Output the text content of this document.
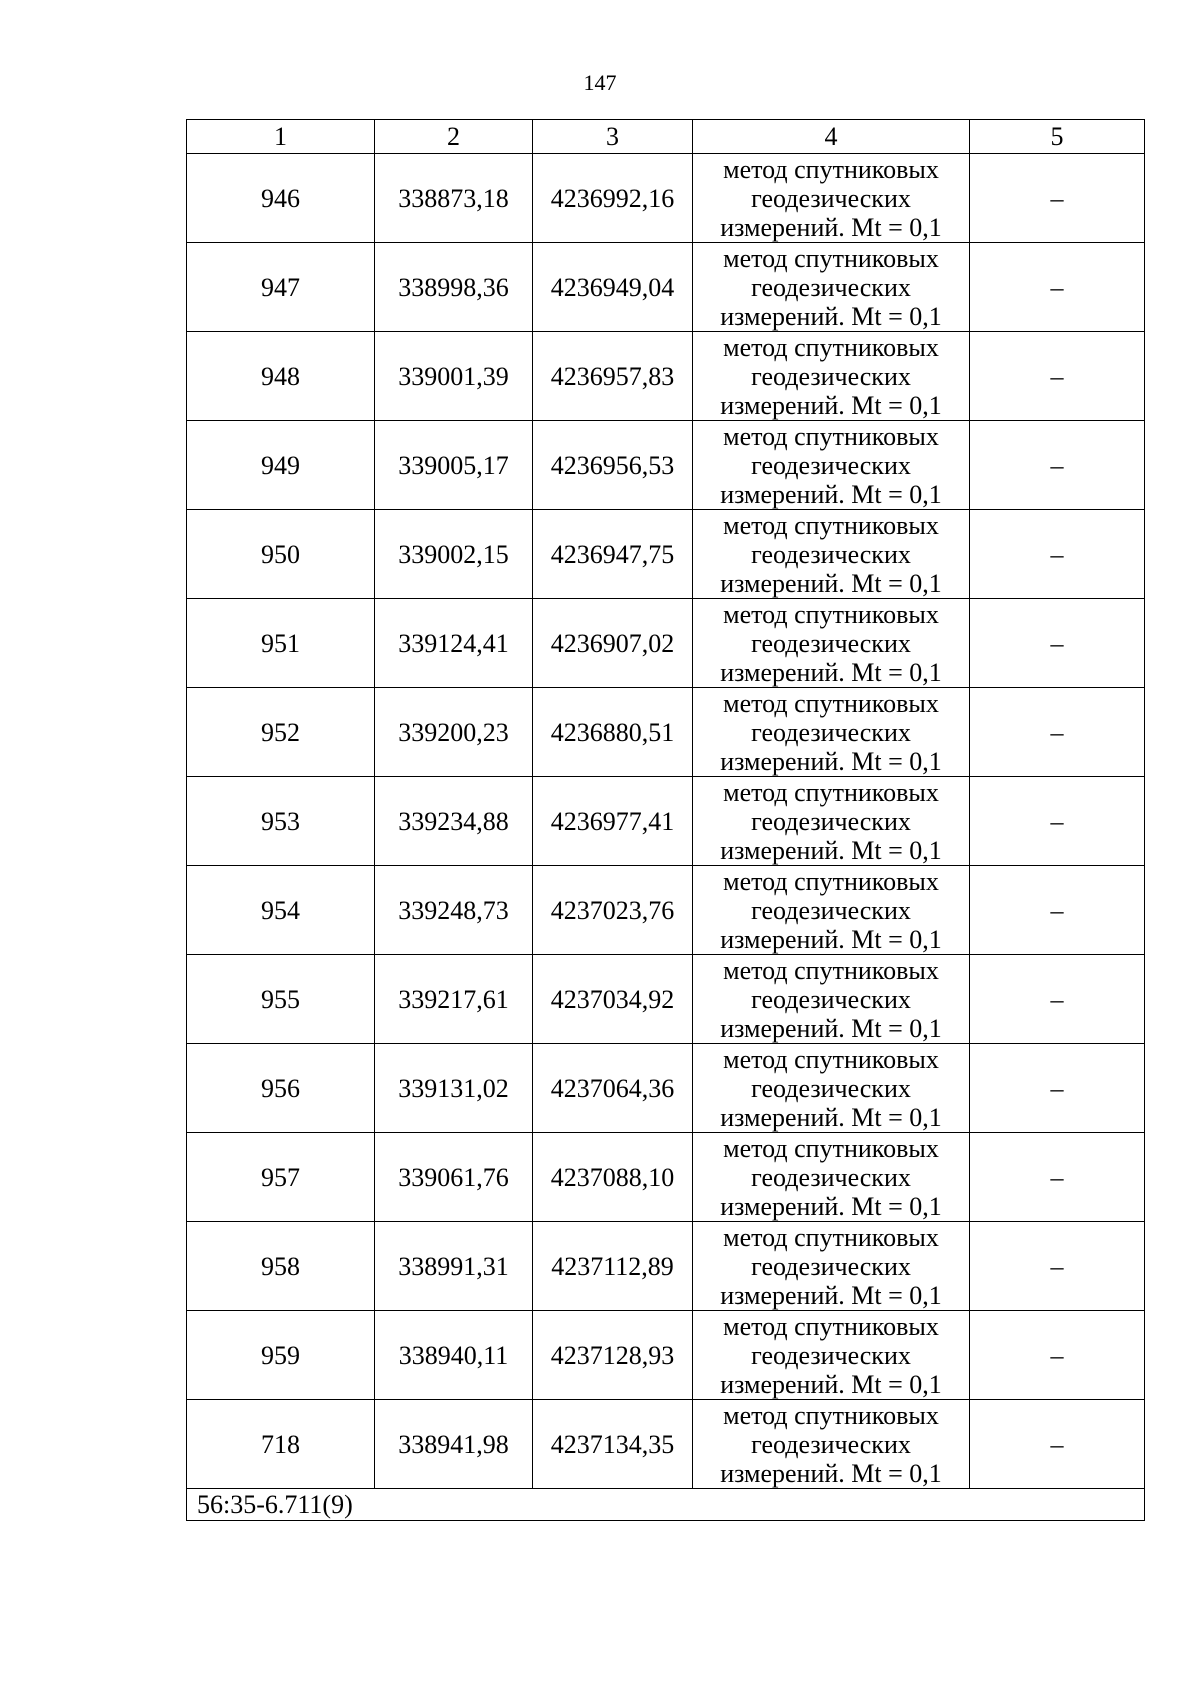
147
1	2	3	4	5
946	338873,18	4236992,16	метод спутниковых геодезических измерений. Mt = 0,1	–
947	338998,36	4236949,04	метод спутниковых геодезических измерений. Mt = 0,1	–
948	339001,39	4236957,83	метод спутниковых геодезических измерений. Mt = 0,1	–
949	339005,17	4236956,53	метод спутниковых геодезических измерений. Mt = 0,1	–
950	339002,15	4236947,75	метод спутниковых геодезических измерений. Mt = 0,1	–
951	339124,41	4236907,02	метод спутниковых геодезических измерений. Mt = 0,1	–
952	339200,23	4236880,51	метод спутниковых геодезических измерений. Mt = 0,1	–
953	339234,88	4236977,41	метод спутниковых геодезических измерений. Mt = 0,1	–
954	339248,73	4237023,76	метод спутниковых геодезических измерений. Mt = 0,1	–
955	339217,61	4237034,92	метод спутниковых геодезических измерений. Mt = 0,1	–
956	339131,02	4237064,36	метод спутниковых геодезических измерений. Mt = 0,1	–
957	339061,76	4237088,10	метод спутниковых геодезических измерений. Mt = 0,1	–
958	338991,31	4237112,89	метод спутниковых геодезических измерений. Mt = 0,1	–
959	338940,11	4237128,93	метод спутниковых геодезических измерений. Mt = 0,1	–
718	338941,98	4237134,35	метод спутниковых геодезических измерений. Mt = 0,1	–
56:35-6.711(9)				
